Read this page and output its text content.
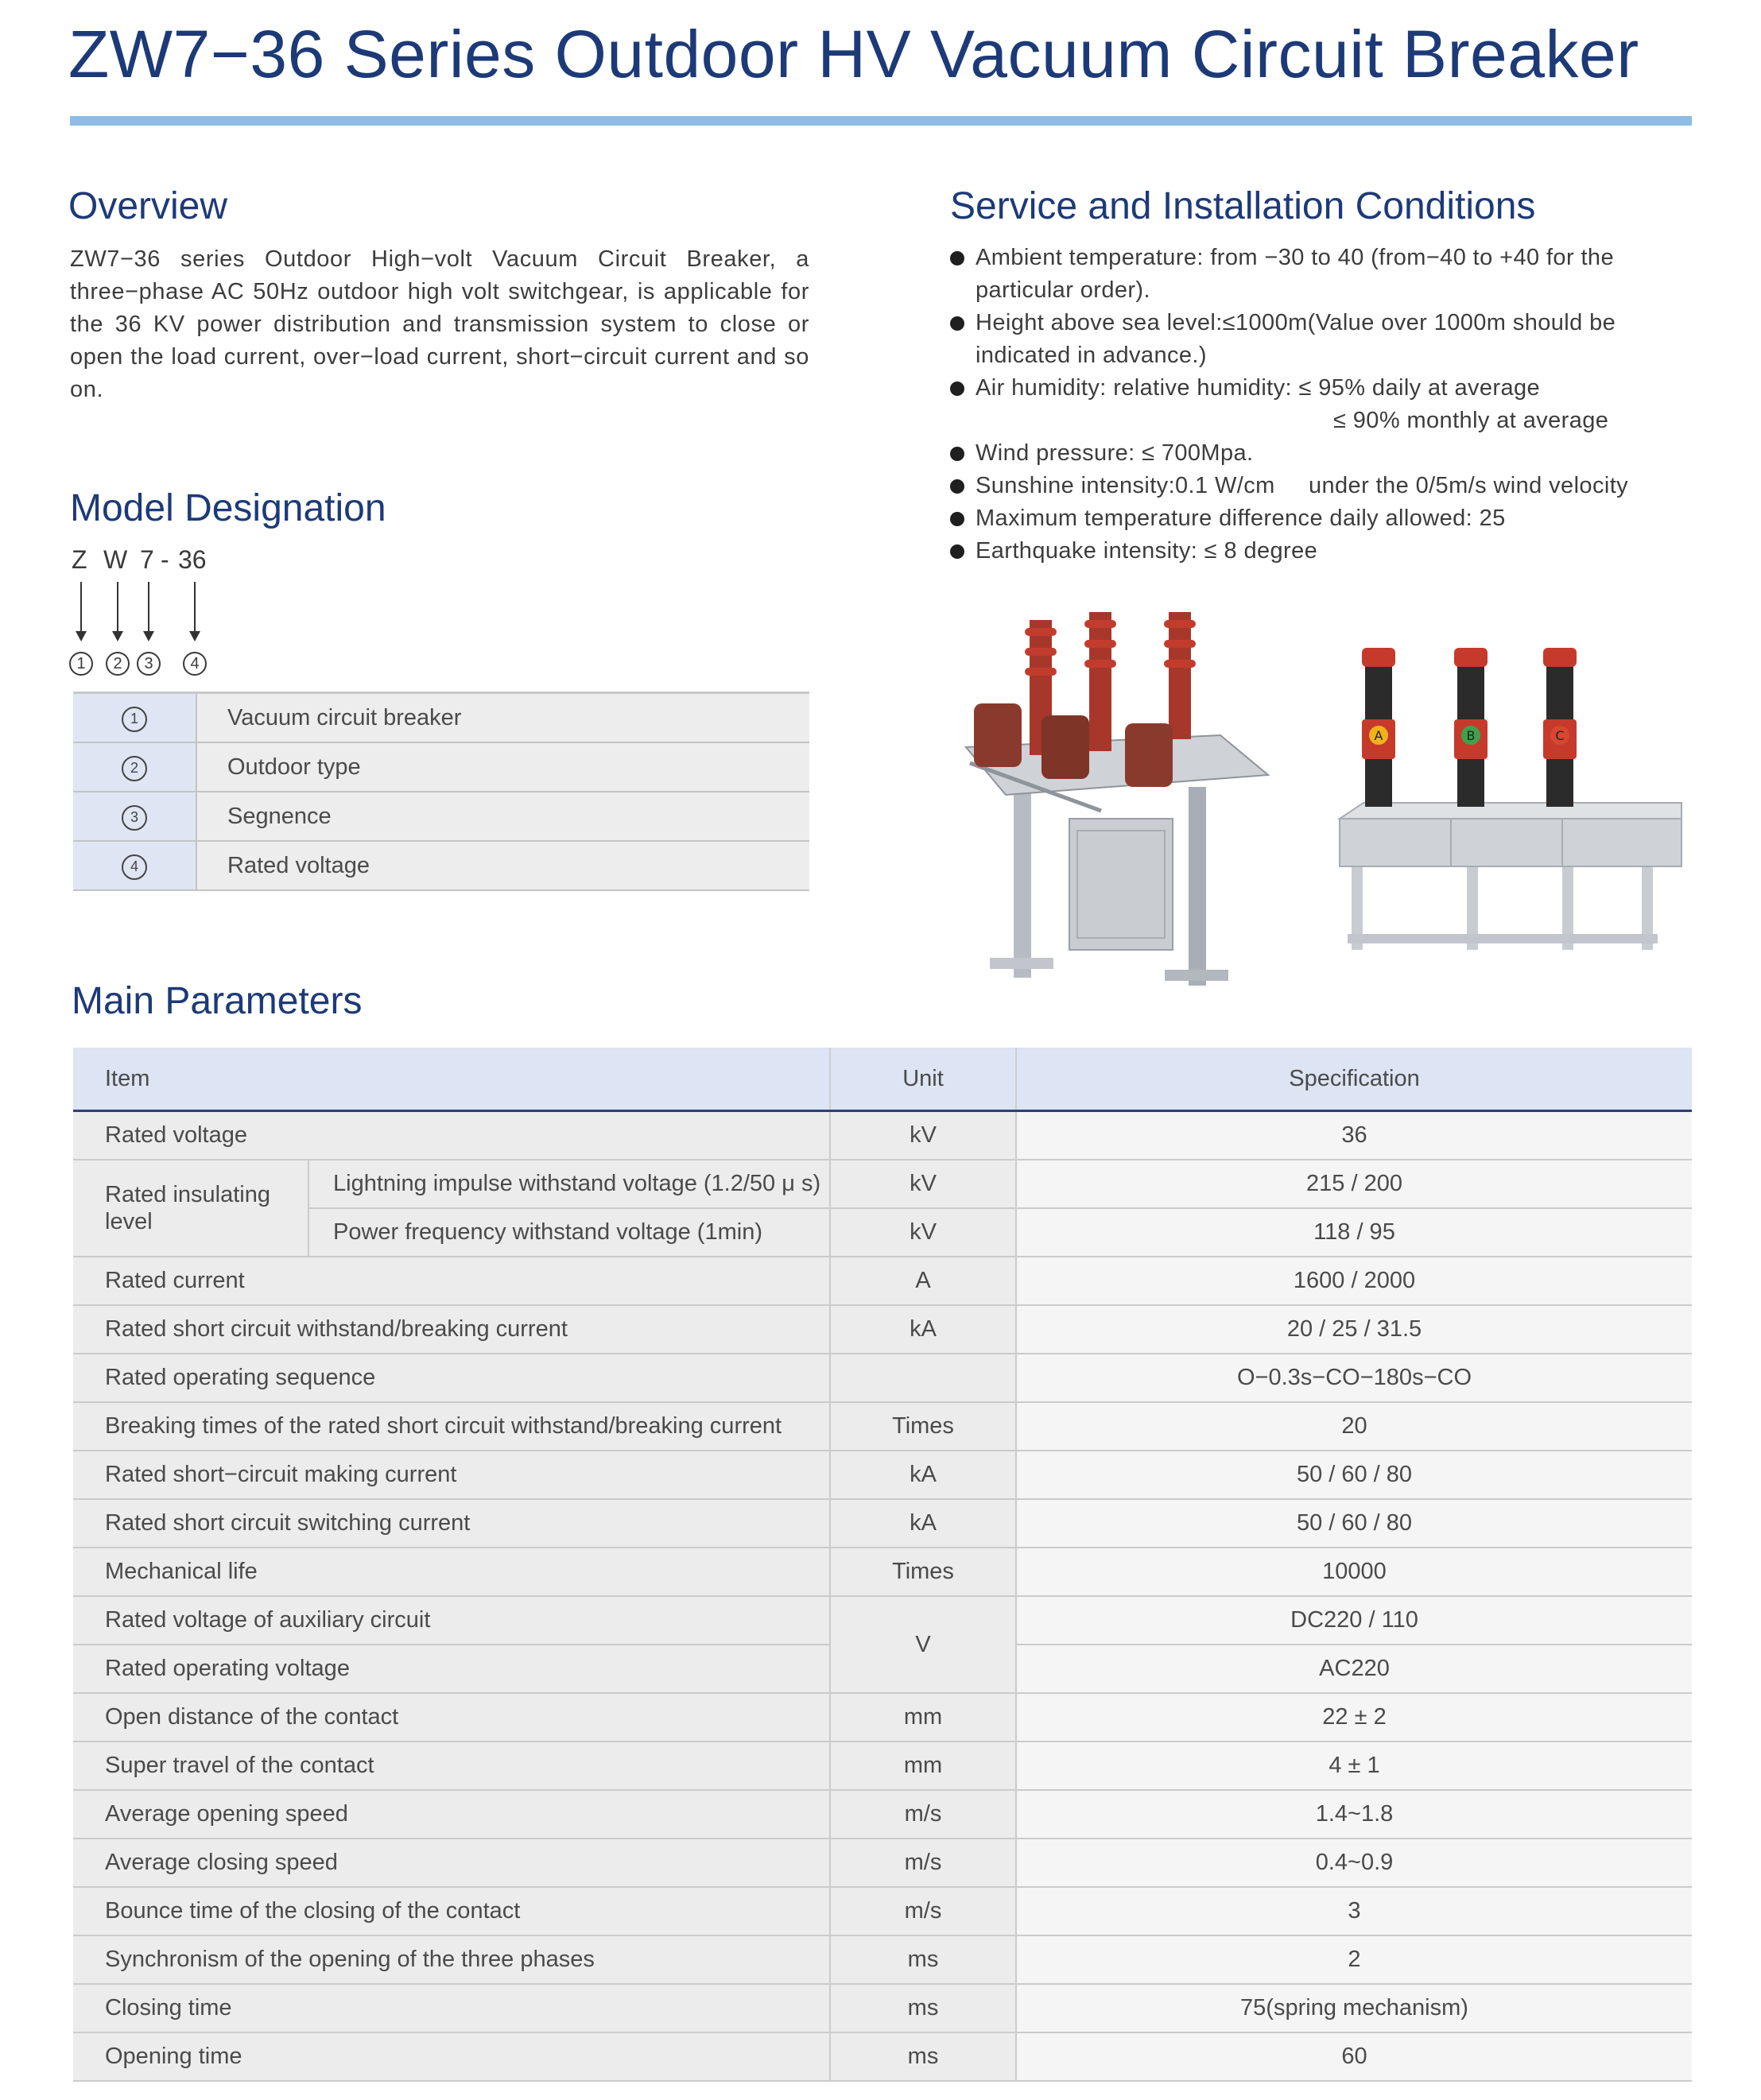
ZW7−36 Series Outdoor HV Vacuum Circuit Breaker
Overview

ZW7−36 series Outdoor High−volt Vacuum Circuit Breaker, a three−phase AC 50Hz outdoor high volt switchgear, is applicable for the 36 KV power distribution and transmission system to close or open the load current, over−load current, short−circuit current and so on.

Service and Installation Conditions
Ambient temperature: from −30 to 40 (from−40 to +40 for the
particular order).
Height above sea level:≤1000m(Value over 1000m should be
indicated in advance.)
Air humidity: relative humidity: ≤ 95% daily at average
≤ 90% monthly at average
Wind pressure: ≤ 700Mpa.
Sunshine intensity:0.1 W/cm     under the 0/5m/s wind velocity
Maximum temperature difference daily allowed: 25
Earthquake intensity: ≤ 8 degree
Model Designation
Z W 7 - 36
1	2	3	4
1	Vacuum circuit breaker
2	Outdoor type
3	Segnence
4	Rated voltage
A	B	C
Main Parameters
Item		Unit	Specification
Rated voltage		kV	36
Rated insulating level	Lightning impulse withstand voltage (1.2/50 μ s)	kV	215 / 200
	Power frequency withstand voltage (1min)	kV	118 / 95
Rated current		A	1600 / 2000
Rated short circuit withstand/breaking current		kA	20 / 25 / 31.5
Rated operating sequence			O−0.3s−CO−180s−CO
Breaking times of the rated short circuit withstand/breaking current		Times	20
Rated short−circuit making current		kA	50 / 60 / 80
Rated short circuit switching current		kA	50 / 60 / 80
Mechanical life		Times	10000
Rated voltage of auxiliary circuit		V	DC220 / 110
Rated operating voltage			AC220
Open distance of the contact		mm	22 ± 2
Super travel of the contact		mm	4 ± 1
Average opening speed		m/s	1.4~1.8
Average closing speed		m/s	0.4~0.9
Bounce time of the closing of the contact		m/s	3
Synchronism of the opening of the three phases		ms	2
Closing time		ms	75(spring mechanism)
Opening time		ms	60
